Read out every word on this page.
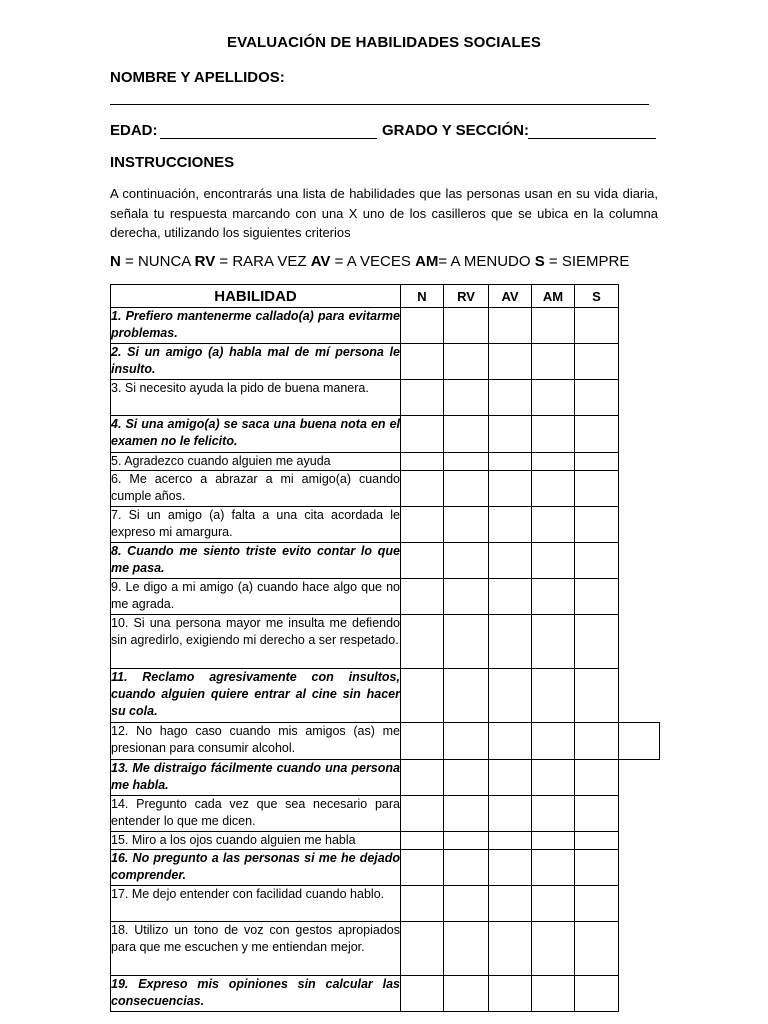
EVALUACIÓN DE HABILIDADES SOCIALES
NOMBRE Y APELLIDOS:
EDAD:	GRADO Y SECCIÓN:
INSTRUCCIONES
A continuación, encontrarás una lista de habilidades que las personas usan en su vida diaria, señala tu respuesta marcando con una X uno de los casilleros que se ubica en la columna derecha, utilizando los siguientes criterios
N = NUNCA RV = RARA VEZ AV = A VECES AM= A MENUDO S = SIEMPRE
HABILIDAD	N	RV	AV	AM	S	
1. Prefiero mantenerme callado(a) para evitarme problemas.						
2. Si un amigo (a) habla mal de mí persona le insulto.						
3. Si necesito ayuda la pido de buena manera.						
4. Si una amigo(a) se saca una buena nota en el examen no le felicito.						
5. Agradezco cuando alguien me ayuda						
6. Me acerco a abrazar a mi amigo(a) cuando cumple años.						
7. Si un amigo (a) falta a una cita acordada le expreso mi amargura.						
8. Cuando me siento triste evito contar lo que me pasa.						
9. Le digo a mi amigo (a) cuando hace algo que no me agrada.						
10. Si una persona mayor me insulta me defiendo sin agredirlo, exigiendo mi derecho a ser respetado.						
11. Reclamo agresivamente con insultos, cuando alguien quiere entrar al cine sin hacer su cola.						
12. No hago caso cuando mis amigos (as) me presionan para consumir alcohol.						
13. Me distraigo fácilmente cuando una persona me habla.						
14. Pregunto cada vez que sea necesario para entender lo que me dicen.						
15. Miro a los ojos cuando alguien me habla						
16. No pregunto a las personas si me he dejado comprender.						
17. Me dejo entender con facilidad cuando hablo.						
18. Utilizo un tono de voz con gestos apropiados para que me escuchen y me entiendan mejor.						
19. Expreso mis opiniones sin calcular las consecuencias.						
